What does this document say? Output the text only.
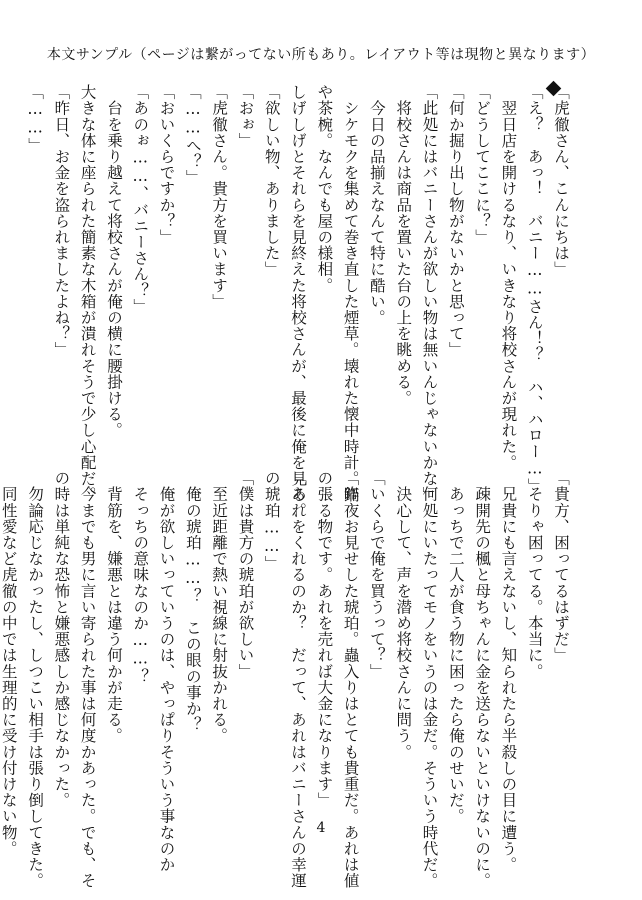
本文サンプル（ページは繋がってない所もあり。レイアウト等は現物と異なります）
「虎徹さん、こんにちは」
「え？　あっ！　バニー……さん！？　ハ、ハロー…」
　翌日店を開けるなり、いきなり将校さんが現れた。
「どうしてここに？」
「何か掘り出し物がないかと思って」
「此処にはバニーさんが欲しい物は無いんじゃないかな」
　将校さんは商品を置いた台の上を眺める。
　今日の品揃えなんて特に酷い。
　シケモクを集めて巻き直した煙草。壊れた懐中時計。鍋
や茶椀。なんでも屋の様相。
しげしげとそれらを見終えた将校さんが、最後に俺を見る。
「欲しい物、ありました」
「おぉ」
「虎徹さん。貴方を買います」
「……へ？」
「おいくらですか？」
「あのぉ……、バニーさん？」
　台を乗り越えて将校さんが俺の横に腰掛ける。
大きな体に座られた簡素な木箱が潰れそうで少し心配だ。
「昨日、お金を盗られましたよね？」
「……」
「貴方、困ってるはずだ」
　そりゃ困ってる。本当に。
　兄貴にも言えないし、知られたら半殺しの目に遭う。
　疎開先の楓と母ちゃんに金を送らないといけないのに。
　あっちで二人が食う物に困ったら俺のせいだ。
　何処にいたってモノをいうのは金だ。そういう時代だ。
　決心して、声を潜め将校さんに問う。
「いくらで俺を買うって？」
「昨夜お見せした琥珀。蟲入りはとても貴重だ。あれは値
の張る物です。あれを売れば大金になります」
「あれをくれるのか？　だって、あれはバニーさんの幸運
の琥珀……」
「僕は貴方の琥珀が欲しい」
　至近距離で熱い視線に射抜かれる。
　俺の琥珀……？　この眼の事か？
　俺が欲しいっていうのは、やっぱりそういう事なのか
　そっちの意味なのか……？
　背筋を、嫌悪とは違う何かが走る。
　今までも男に言い寄られた事は何度かあった。でも、そ
の時は単純な恐怖と嫌悪感しか感じなかった。
　勿論応じなかったし、しつこい相手は張り倒してきた。
　同性愛など虎徹の中では生理的に受け付けない物。	4
